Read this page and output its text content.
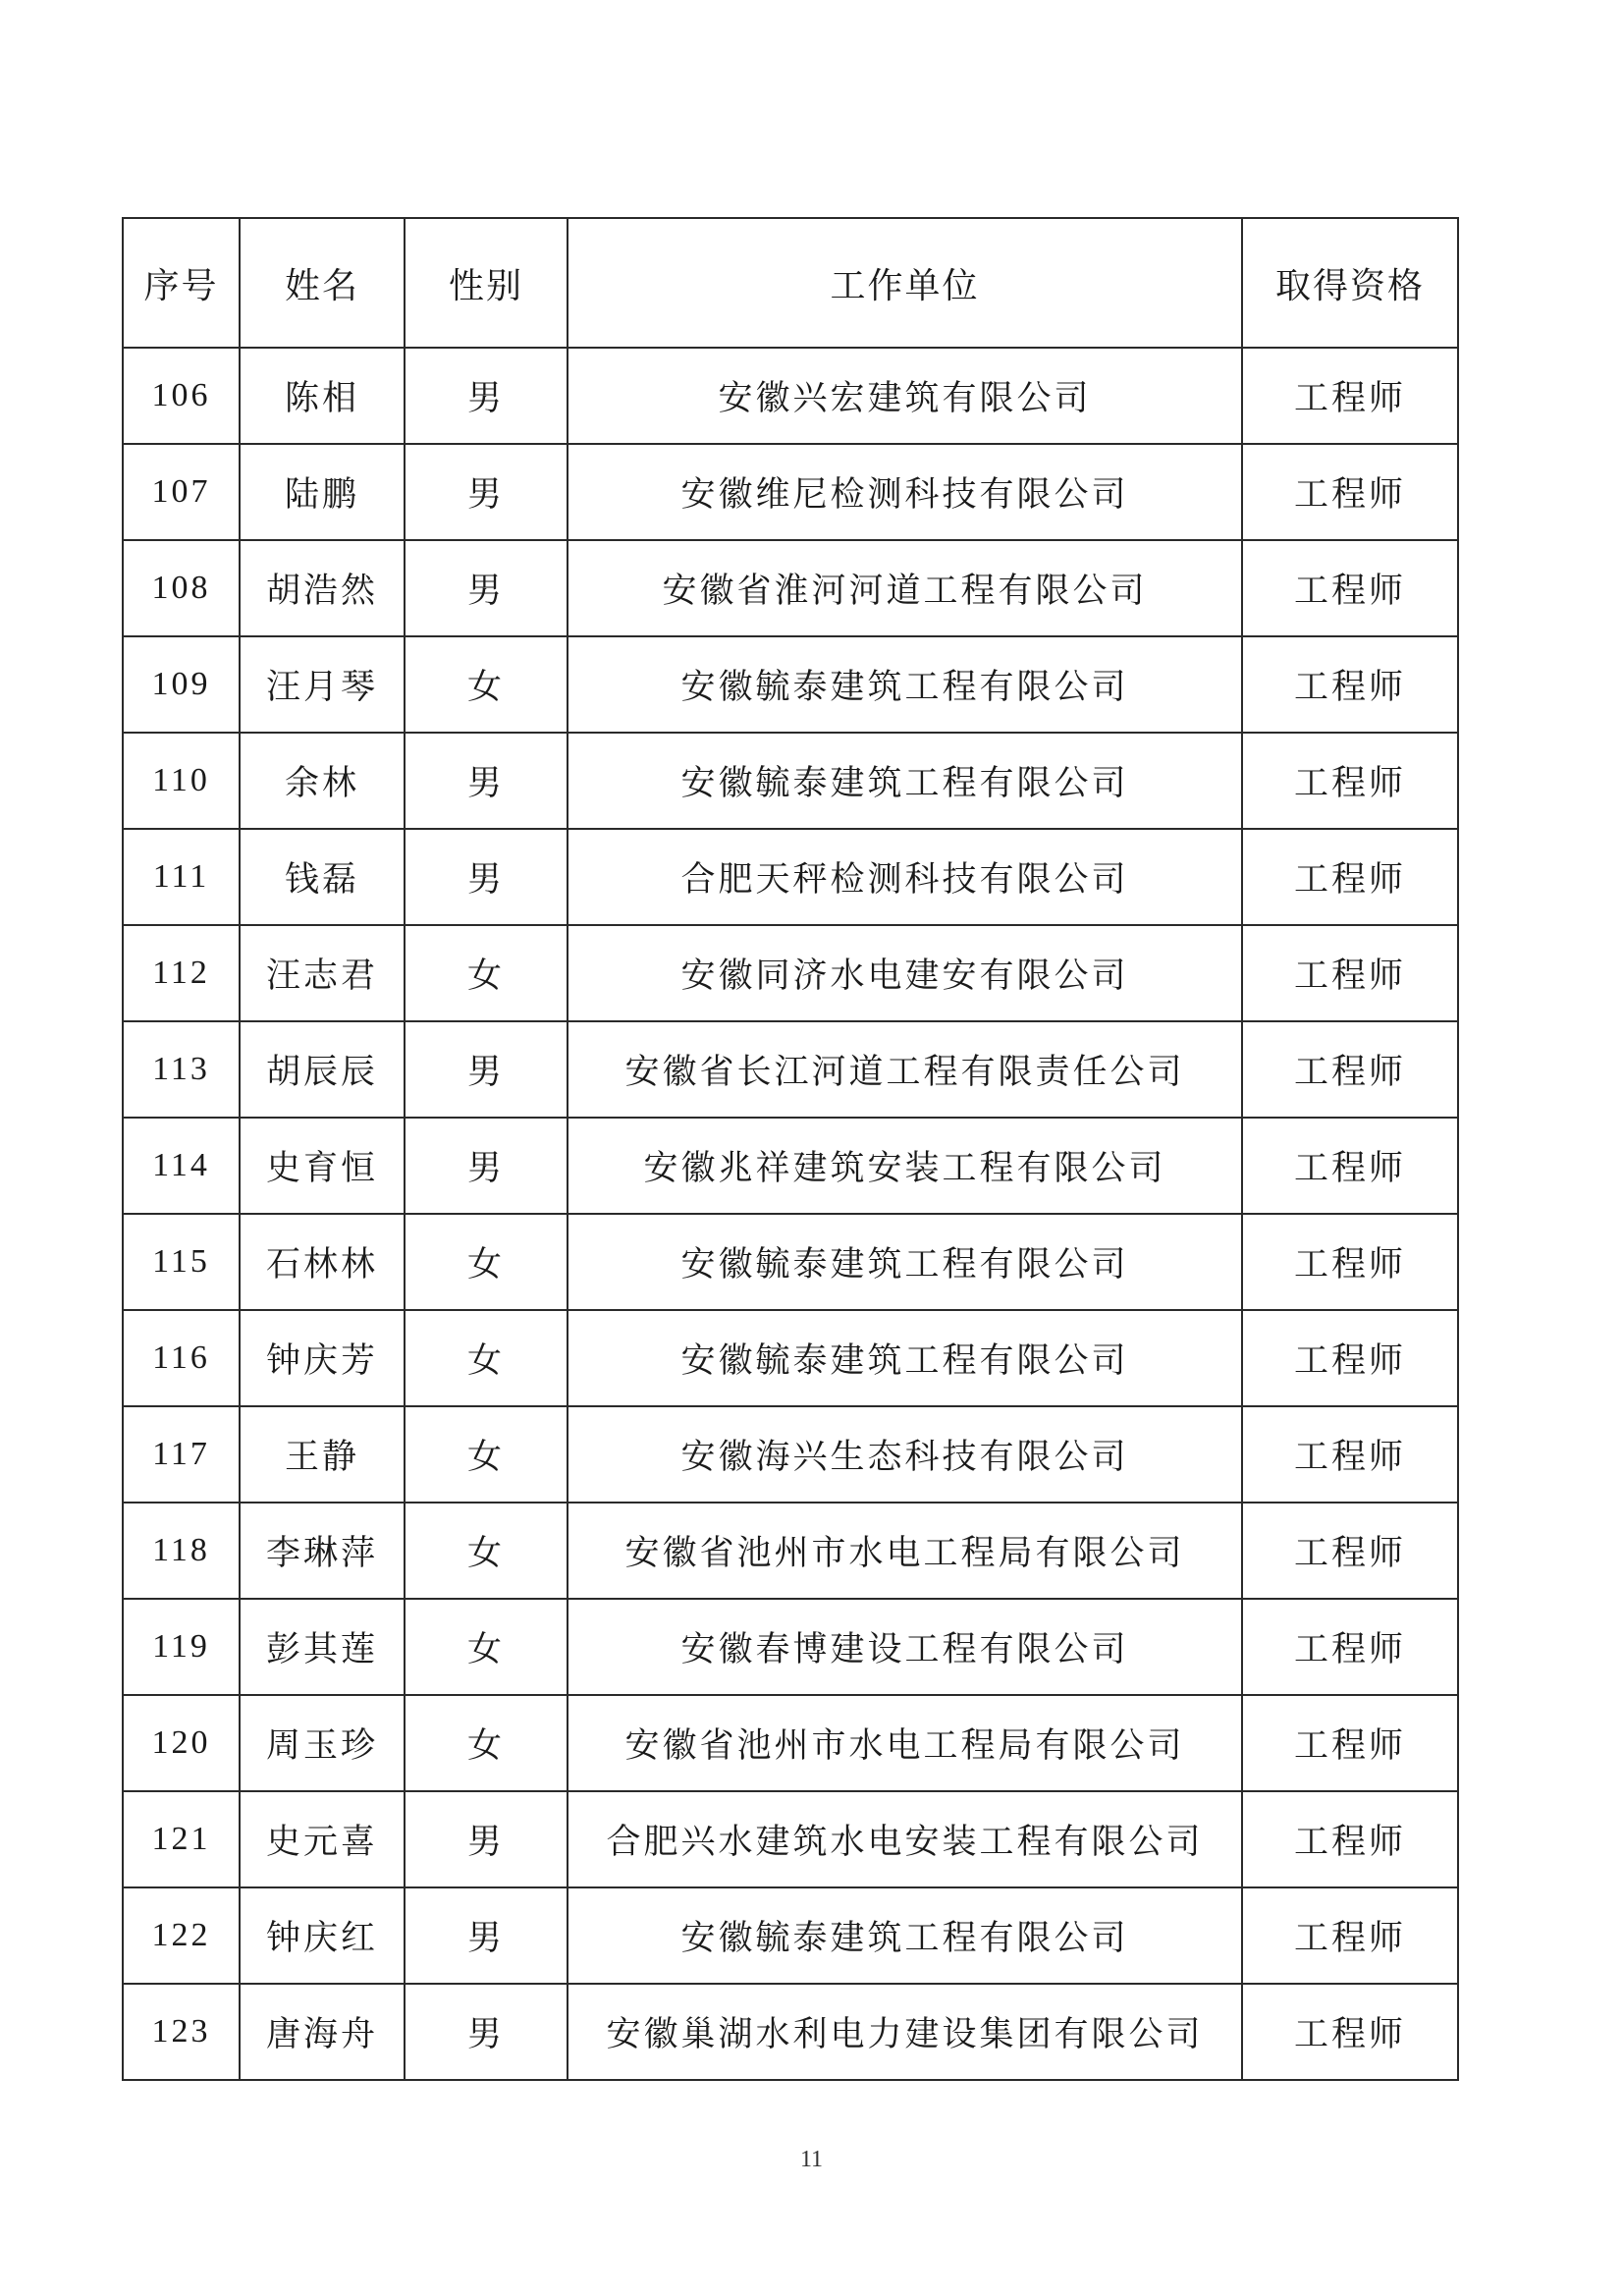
序号	姓名	性别	工作单位	取得资格
106	陈相	男	安徽兴宏建筑有限公司	工程师
107	陆鹏	男	安徽维尼检测科技有限公司	工程师
108	胡浩然	男	安徽省淮河河道工程有限公司	工程师
109	汪月琴	女	安徽毓泰建筑工程有限公司	工程师
110	余林	男	安徽毓泰建筑工程有限公司	工程师
111	钱磊	男	合肥天秤检测科技有限公司	工程师
112	汪志君	女	安徽同济水电建安有限公司	工程师
113	胡辰辰	男	安徽省长江河道工程有限责任公司	工程师
114	史育恒	男	安徽兆祥建筑安装工程有限公司	工程师
115	石林林	女	安徽毓泰建筑工程有限公司	工程师
116	钟庆芳	女	安徽毓泰建筑工程有限公司	工程师
117	王静	女	安徽海兴生态科技有限公司	工程师
118	李琳萍	女	安徽省池州市水电工程局有限公司	工程师
119	彭其莲	女	安徽春博建设工程有限公司	工程师
120	周玉珍	女	安徽省池州市水电工程局有限公司	工程师
121	史元喜	男	合肥兴水建筑水电安装工程有限公司	工程师
122	钟庆红	男	安徽毓泰建筑工程有限公司	工程师
123	唐海舟	男	安徽巢湖水利电力建设集团有限公司	工程师
11
